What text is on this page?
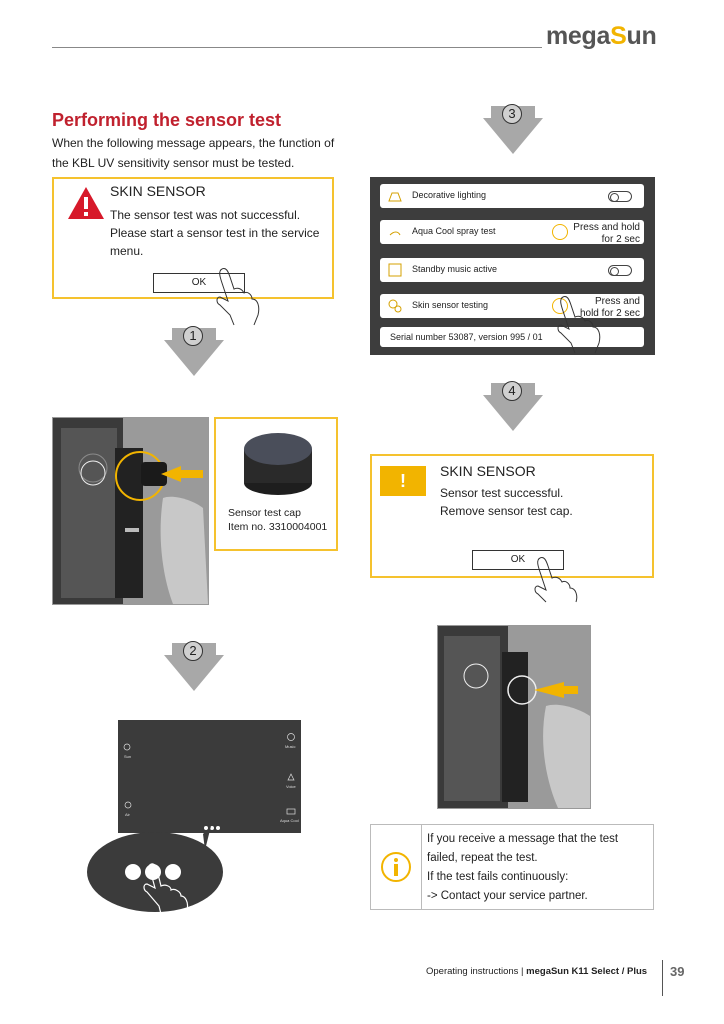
megaSun
Performing the sensor test
When the following message appears, the function of
the KBL UV sensitivity sensor must be tested.
SKIN SENSOR
The sensor test was not successful.
Please start a sensor test in the service
menu.
OK
1
Sensor test cap
Item no. 3310004001
2
Sun
Air
Music
Voice
Aqua Cool
3
Decorative lighting
Aqua Cool spray test	Press and hold
for 2 sec
Standby music active
Skin sensor testing	Press and
hold for 2 sec
Serial number 53087, version 995 / 01
4
!	SKIN SENSOR
Sensor test successful.
Remove sensor test cap.
OK
If you receive a message that the test
failed, repeat the test.
If the test fails continuously:
-> Contact your service partner.
Operating instructions | megaSun K11 Select / Plus 39
